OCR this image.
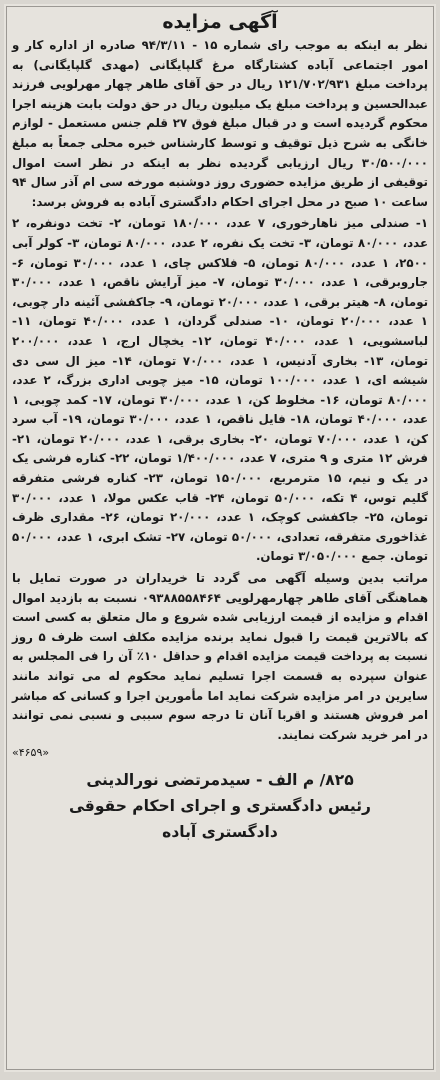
آگهی مزایده

نظر به اینکه به موجب رای شماره ۱۵ - ۹۴/۳/۱۱ صادره از اداره کار و امور اجتماعی آباده کشتارگاه مرغ گلپایگانی (مهدی گلپایگانی) به پرداخت مبلغ ۱۲۱/۷۰۲/۹۳۱ ریال در حق آقای طاهر چهار مهرلویی فرزند عبدالحسین و پرداخت مبلغ یک میلیون ریال در حق دولت بابت هزینه اجرا محکوم گردیده است و در قبال مبلغ فوق ۲۷ قلم جنس مستعمل - لوازم خانگی به شرح ذیل توقیف و توسط کارشناس خبره محلی جمعاً به مبلغ ۳۰/۵۰۰/۰۰۰ ریال ارزیابی گردیده نظر به اینکه در نظر است اموال توقیفی از طریق مزایده حضوری روز دوشنبه مورخه سی ام آذر سال ۹۴ ساعت ۱۰ صبح در محل اجرای احکام دادگستری آباده به فروش برسد:

۱- صندلی میز ناهارخوری، ۷ عدد، ۱۸۰/۰۰۰ تومان، ۲- تخت دونفره، ۲ عدد، ۸۰/۰۰۰ تومان، ۳- تخت یک نفره، ۲ عدد، ۸۰/۰۰۰ تومان، ۳- کولر آبی ۲۵۰۰، ۱ عدد، ۸۰/۰۰۰ تومان، ۵- فلاکس چای، ۱ عدد، ۳۰/۰۰۰ تومان، ۶- جاروبرقی، ۱ عدد، ۳۰/۰۰۰ تومان، ۷- میز آرایش ناقص، ۱ عدد، ۳۰/۰۰۰ تومان، ۸- هیتر برقی، ۱ عدد، ۲۰/۰۰۰ تومان، ۹- جاکفشی آئینه دار چوبی، ۱ عدد، ۲۰/۰۰۰ تومان، ۱۰- صندلی گردان، ۱ عدد، ۴۰/۰۰۰ تومان، ۱۱- لباسشویی، ۱ عدد، ۴۰/۰۰۰ تومان، ۱۲- یخچال ارج، ۱ عدد، ۲۰۰/۰۰۰ تومان، ۱۳- بخاری آدنیس، ۱ عدد، ۷۰/۰۰۰ تومان، ۱۴- میز ال سی دی شیشه ای، ۱ عدد، ۱۰۰/۰۰۰ تومان، ۱۵- میز چوبی اداری بزرگ، ۲ عدد، ۸۰/۰۰۰ تومان، ۱۶- مخلوط کن، ۱ عدد، ۳۰/۰۰۰ تومان، ۱۷- کمد چوبی، ۱ عدد، ۴۰/۰۰۰ تومان، ۱۸- فایل ناقص، ۱ عدد، ۳۰/۰۰۰ تومان، ۱۹- آب سرد کن، ۱ عدد، ۷۰/۰۰۰ تومان، ۲۰- بخاری برقی، ۱ عدد، ۲۰/۰۰۰ تومان، ۲۱- فرش ۱۲ متری و ۹ متری، ۷ عدد، ۱/۴۰۰/۰۰۰ تومان، ۲۲- کناره فرشی یک در یک و نیم، ۱۵ مترمربع، ۱۵۰/۰۰۰ تومان، ۲۳- کناره فرشی متفرقه گلیم توس، ۴ تکه، ۵۰/۰۰۰ تومان، ۲۴- قاب عکس مولا، ۱ عدد، ۳۰/۰۰۰ تومان، ۲۵- جاکفشی کوچک، ۱ عدد، ۲۰/۰۰۰ تومان، ۲۶- مقداری ظرف غذاخوری متفرقه، تعدادی، ۵۰/۰۰۰ تومان، ۲۷- تشک ابری، ۱ عدد، ۵۰/۰۰۰ تومان. جمع ۳/۰۵۰/۰۰۰ تومان.

مراتب بدین وسیله آگهی می گردد تا خریداران در صورت تمایل با هماهنگی آقای طاهر چهارمهرلویی ۰۹۳۸۸۵۵۸۴۶۴ نسبت به بازدید اموال اقدام و مزایده از قیمت ارزیابی شده شروع و مال متعلق به کسی است که بالاترین قیمت را قبول نماید برنده مزایده مکلف است ظرف ۵ روز نسبت به پرداخت قیمت مزایده اقدام و حداقل ۱۰٪ آن را فی المجلس به عنوان سپرده به قسمت اجرا تسلیم نماید محکوم له می تواند مانند سایرین در امر مزایده شرکت نماید اما مأمورین اجرا و کسانی که مباشر امر فروش هستند و اقربا آنان تا درجه سوم سببی و نسبی نمی توانند در امر خرید شرکت نمایند.

«۴۶۵۹»

۸۲۵/ م الف - سیدمرتضی نورالدینی

رئیس دادگستری و اجرای احکام حقوقی

دادگستری آباده
